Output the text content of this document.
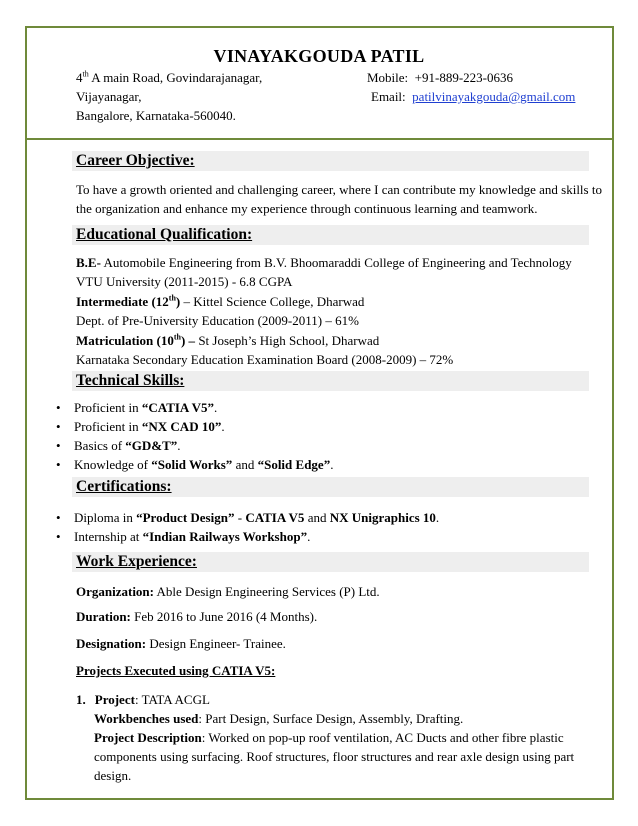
VINAYAKGOUDA PATIL
4th A main Road, Govindarajanagar,
Vijayanagar,
Bangalore, Karnataka-560040.
Mobile: +91-889-223-0636
Email: patilvinayakgouda@gmail.com
Career Objective:
To have a growth oriented and challenging career, where I can contribute my knowledge and skills to
the organization and enhance my experience through continuous learning and teamwork.
Educational Qualification:
B.E- Automobile Engineering from B.V. Bhoomaraddi College of Engineering and Technology
VTU University (2011-2015) - 6.8 CGPA
Intermediate (12th) – Kittel Science College, Dharwad
Dept. of Pre-University Education (2009-2011) – 61%
Matriculation (10th) – St Joseph’s High School, Dharwad
Karnataka Secondary Education Examination Board (2008-2009) – 72%
Technical Skills:
• Proficient in “CATIA V5”.
• Proficient in “NX CAD 10”.
• Basics of “GD&T”.
• Knowledge of “Solid Works” and “Solid Edge”.
Certifications:
• Diploma in “Product Design” - CATIA V5 and NX Unigraphics 10.
• Internship at “Indian Railways Workshop”.
Work Experience:
Organization: Able Design Engineering Services (P) Ltd.
Duration: Feb 2016 to June 2016 (4 Months).
Designation: Design Engineer- Trainee.
Projects Executed using CATIA V5:
1. Project: TATA ACGL
Workbenches used: Part Design, Surface Design, Assembly, Drafting.
Project Description: Worked on pop-up roof ventilation, AC Ducts and other fibre plastic
components using surfacing. Roof structures, floor structures and rear axle design using part
design.
